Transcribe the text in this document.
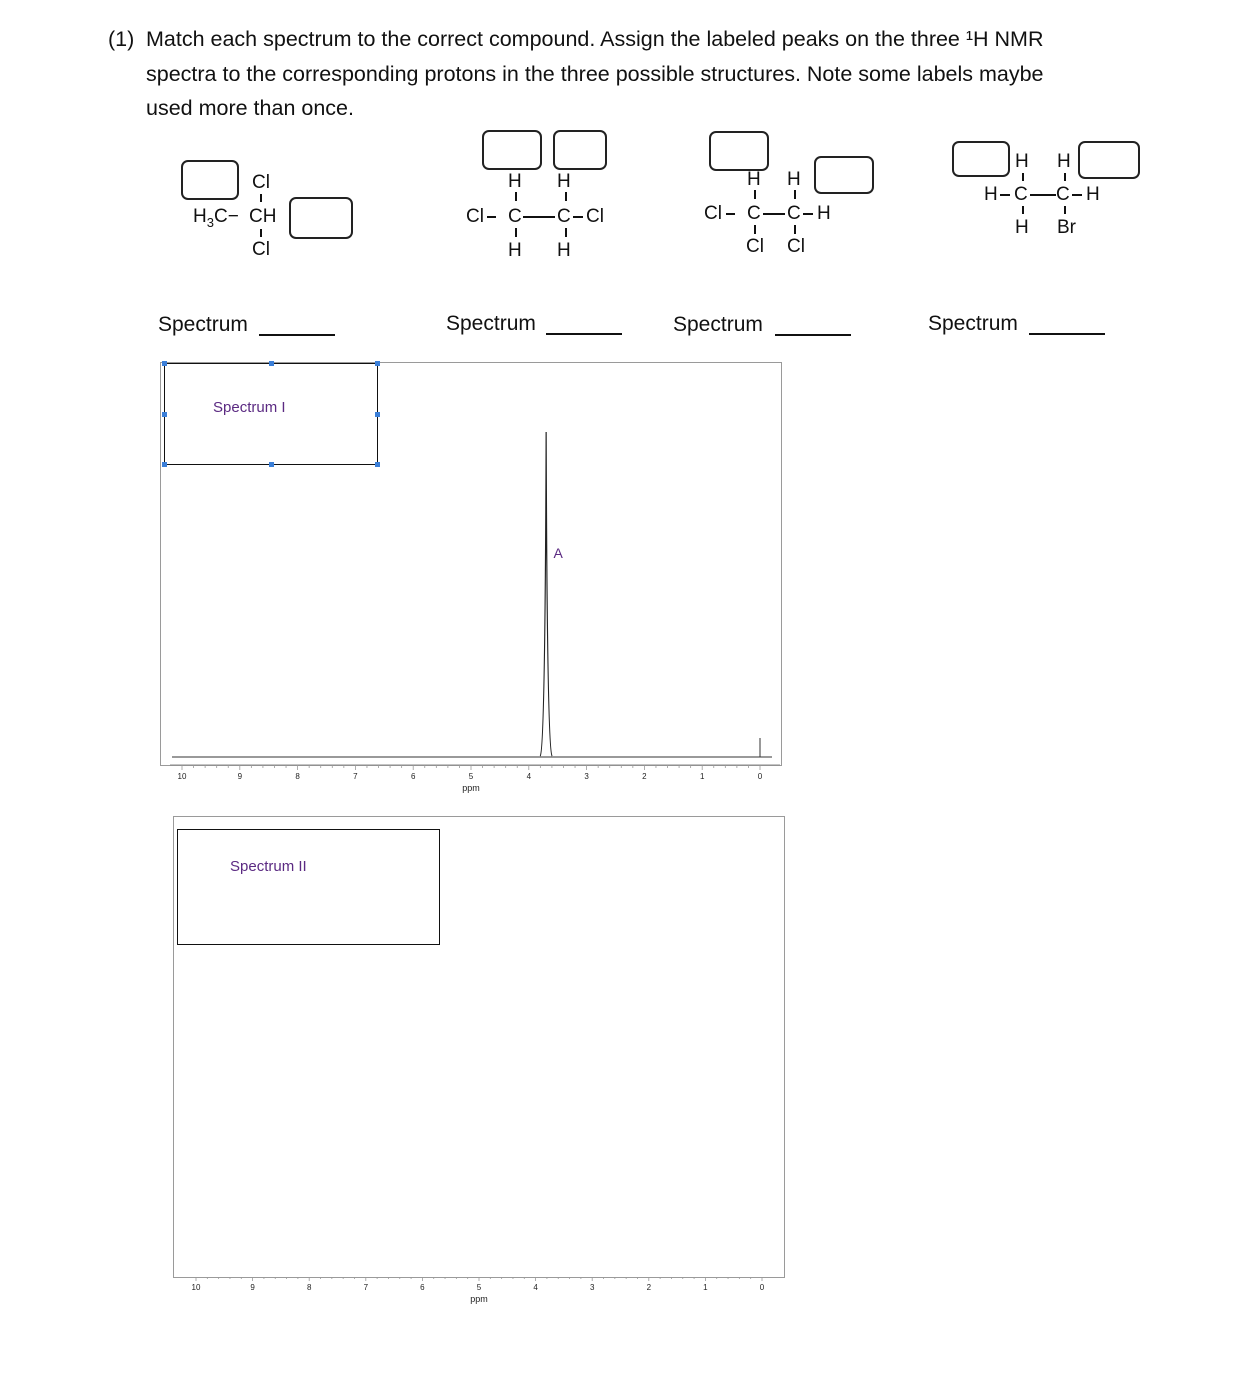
(1) Match each spectrum to the correct compound. Assign the labeled peaks on the three ¹H NMR
spectra to the corresponding protons in the three possible structures. Note some labels maybe
used more than once.
Cl
$H_3C-$ CH
Cl
H H
Cl C C Cl
H H
H H
Cl C C H
Cl Cl
H H
H C C H
H Br
Spectrum	Spectrum	Spectrum	Spectrum
Spectrum I
10	9	8	7	6	5	4	3	2	1	0
ppm
A
10	9	8	7	6	5	4	3	2	1	0
ppm
Spectrum II
